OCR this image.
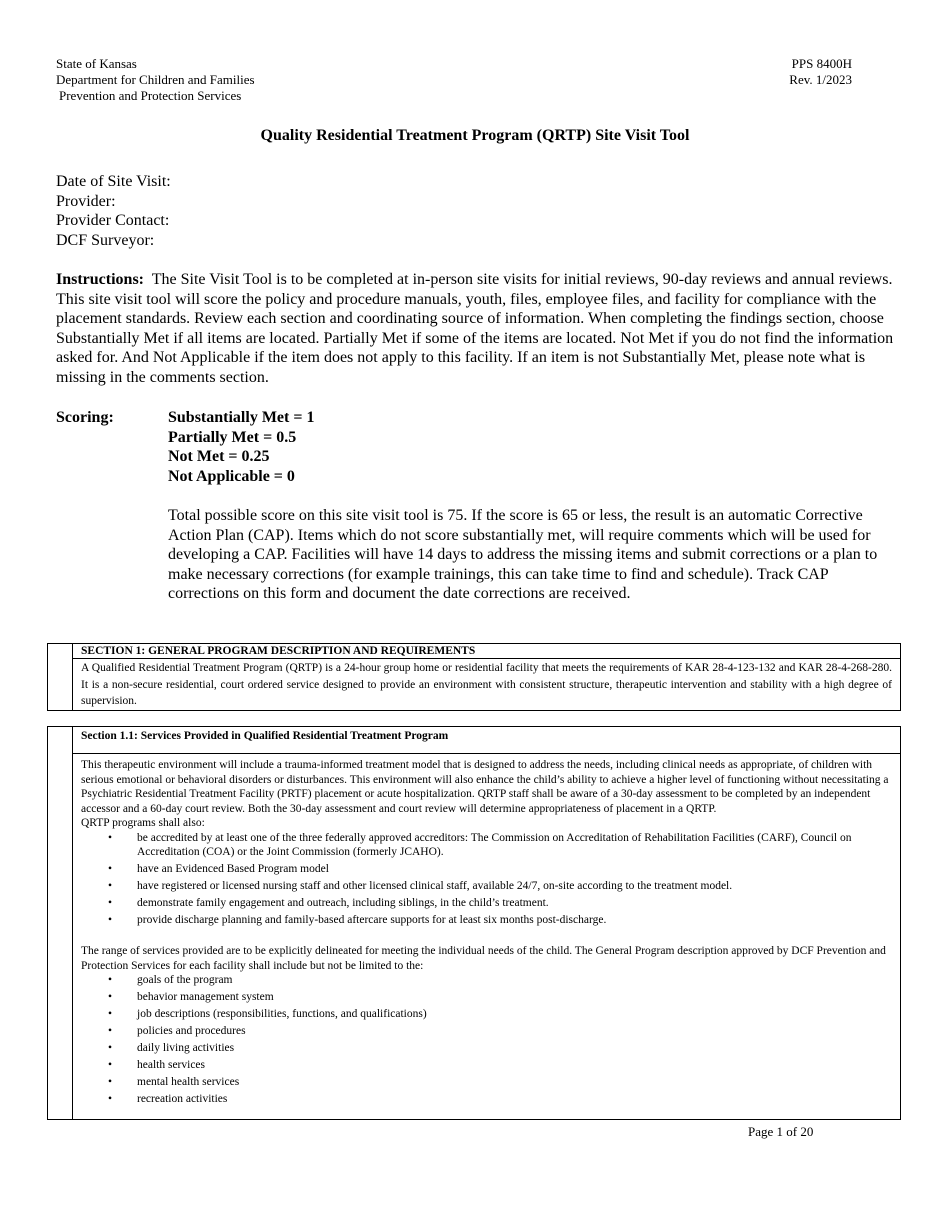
State of Kansas
Department for Children and Families
Prevention and Protection Services
PPS 8400H
Rev. 1/2023
Quality Residential Treatment Program (QRTP) Site Visit Tool
Date of Site Visit:
Provider:
Provider Contact:
DCF Surveyor:
Instructions: The Site Visit Tool is to be completed at in-person site visits for initial reviews, 90-day reviews and annual reviews. This site visit tool will score the policy and procedure manuals, youth, files, employee files, and facility for compliance with the placement standards. Review each section and coordinating source of information. When completing the findings section, choose Substantially Met if all items are located. Partially Met if some of the items are located. Not Met if you do not find the information asked for. And Not Applicable if the item does not apply to this facility. If an item is not Substantially Met, please note what is missing in the comments section.
Scoring:	Substantially Met = 1
Partially Met = 0.5
Not Met = 0.25
Not Applicable = 0
Total possible score on this site visit tool is 75. If the score is 65 or less, the result is an automatic Corrective Action Plan (CAP). Items which do not score substantially met, will require comments which will be used for developing a CAP. Facilities will have 14 days to address the missing items and submit corrections or a plan to make necessary corrections (for example trainings, this can take time to find and schedule). Track CAP corrections on this form and document the date corrections are received.
SECTION 1: GENERAL PROGRAM DESCRIPTION AND REQUIREMENTS
A Qualified Residential Treatment Program (QRTP) is a 24-hour group home or residential facility that meets the requirements of KAR 28-4-123-132 and KAR 28-4-268-280. It is a non-secure residential, court ordered service designed to provide an environment with consistent structure, therapeutic intervention and stability with a high degree of supervision.
Section 1.1: Services Provided in Qualified Residential Treatment Program
This therapeutic environment will include a trauma-informed treatment model that is designed to address the needs, including clinical needs as appropriate, of children with serious emotional or behavioral disorders or disturbances. This environment will also enhance the child’s ability to achieve a higher level of functioning without necessitating a Psychiatric Residential Treatment Facility (PRTF) placement or acute hospitalization. QRTP staff shall be aware of a 30-day assessment to be completed by an independent accessor and a 60-day court review. Both the 30-day assessment and court review will determine appropriateness of placement in a QRTP.
QRTP programs shall also:
• be accredited by at least one of the three federally approved accreditors: The Commission on Accreditation of Rehabilitation Facilities (CARF), Council on Accreditation (COA) or the Joint Commission (formerly JCAHO).
• have an Evidenced Based Program model
• have registered or licensed nursing staff and other licensed clinical staff, available 24/7, on-site according to the treatment model.
• demonstrate family engagement and outreach, including siblings, in the child’s treatment.
• provide discharge planning and family-based aftercare supports for at least six months post-discharge.
The range of services provided are to be explicitly delineated for meeting the individual needs of the child. The General Program description approved by DCF Prevention and Protection Services for each facility shall include but not be limited to the:
• goals of the program
• behavior management system
• job descriptions (responsibilities, functions, and qualifications)
• policies and procedures
• daily living activities
• health services
• mental health services
• recreation activities
Page 1 of 20
